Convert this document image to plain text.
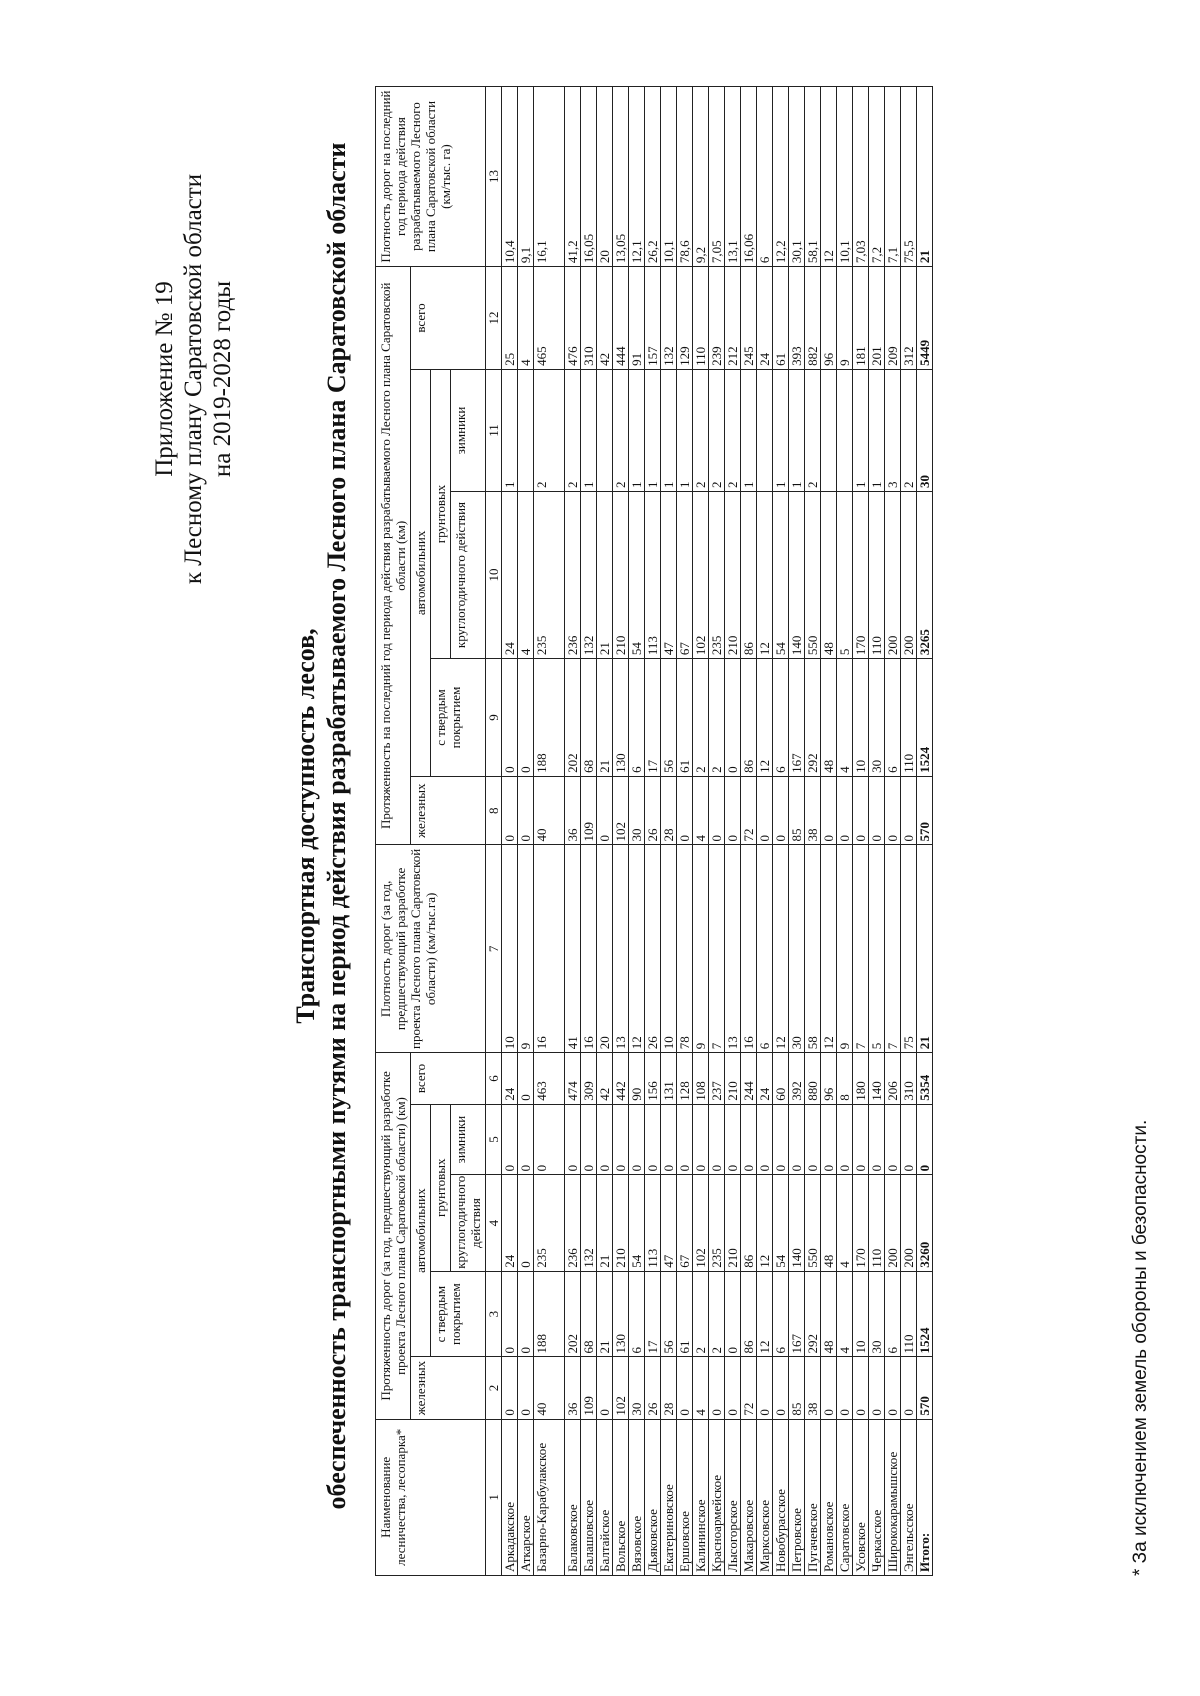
Приложение № 19 к Лесному плану Саратовской области на 2019-2028 годы
Транспортная доступность лесов, обеспеченность транспортными путями на период действия разрабатываемого Лесного плана Саратовской области Наименование лесничества, лесопарка*	Протяженность дорог (за год, предшествующий разработке проекта Лесного плана Саратовской области) (км)					Плотность дорог (за год, предшествующий разработке проекта Лесного плана Саратовской области) (км/тыс.га)	Протяженность на последний год периода действия разрабатываемого Лесного плана Саратовской области (км)					Плотность дорог на последний год периода действия разрабатываемого Лесного плана Саратовской области (км/тыс. га)
	железных	автомобильних			всего		железных	автомобильних			всего	
		с твердым покрытием	грунтовых					с твердым покрытием	грунтовых			
			круглогодичного действия	зимники					круглогодичного действия	зимники		
1	2	3	4	5	6	7	8	9	10	11	12	13
Аркадакское	0	0	24	0	24	10	0	0	24	1	25	10,4
Аткарское	0	0	0	0	0	9	0	0	4		4	9,1
Базарно-Карабулакское	40	188	235	0	463	16	40	188	235	2	465	16,1
Балаковское	36	202	236	0	474	41	36	202	236	2	476	41,2
Балашовское	109	68	132	0	309	16	109	68	132	1	310	16,05
Балтайское	0	21	21	0	42	20	0	21	21		42	20
Вольское	102	130	210	0	442	13	102	130	210	2	444	13,05
Вязовское	30	6	54	0	90	12	30	6	54	1	91	12,1
Дьяковское	26	17	113	0	156	26	26	17	113	1	157	26,2
Екатериновское	28	56	47	0	131	10	28	56	47	1	132	10,1
Ершовское	0	61	67	0	128	78	0	61	67	1	129	78,6
Калининское	4	2	102	0	108	9	4	2	102	2	110	9,2
Красноармейское	0	2	235	0	237	7	0	2	235	2	239	7,05
Лысогорское	0	0	210	0	210	13	0	0	210	2	212	13,1
Макаровское	72	86	86	0	244	16	72	86	86	1	245	16,06
Марксовское	0	12	12	0	24	6	0	12	12		24	6
Новобурасское	0	6	54	0	60	12	0	6	54	1	61	12,2
Петровское	85	167	140	0	392	30	85	167	140	1	393	30,1
Пугачевское	38	292	550	0	880	58	38	292	550	2	882	58,1
Романовское	0	48	48	0	96	12	0	48	48		96	12
Саратовское	0	4	4	0	8	9	0	4	5		9	10,1
Усовское	0	10	170	0	180	7	0	10	170	1	181	7,03
Черкасское	0	30	110	0	140	5	0	30	110	1	201	7,2
Ширококарамышское	0	6	200	0	206	7	0	6	200	3	209	7,1
Энгельсское	0	110	200	0	310	75	0	110	200	2	312	75,5
Итого:	570	1524	3260	0	5354	21	570	1524	3265	30	5449	21
* За исключением земель обороны и безопасности.
